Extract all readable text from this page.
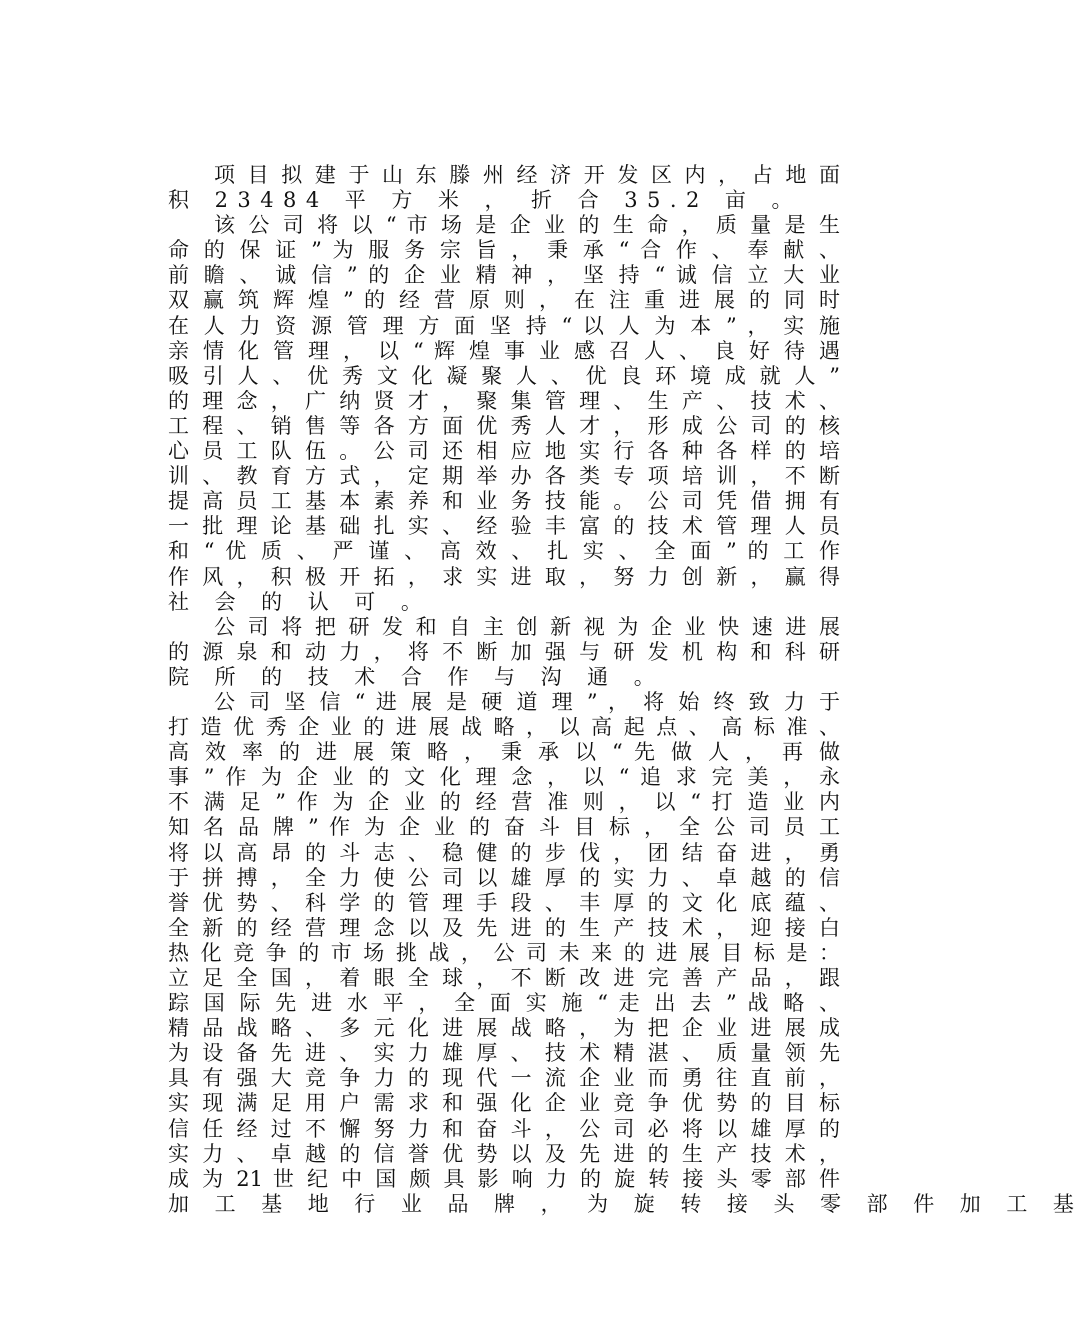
项 目 拟 建 于 山 东 滕 州 经 济 开 发 区 内 ， 占 地 面
积 23484 平 方 米 ， 折 合 35.2 亩 。
该 公 司 将 以 “ 市 场 是 企 业 的 生 命 ， 质 量 是 生
命 的 保 证 ” 为 服 务 宗 旨 ， 秉 承 “ 合 作 、 奉 献 、
前 瞻 、 诚 信 ” 的 企 业 精 神 ， 坚 持 “ 诚 信 立 大 业
双 赢 筑 辉 煌 ” 的 经 营 原 则 ， 在 注 重 进 展 的 同 时
在 人 力 资 源 管 理 方 面 坚 持 “ 以 人 为 本 ” ， 实 施
亲 情 化 管 理 ， 以 “ 辉 煌 事 业 感 召 人 、 良 好 待 遇
吸 引 人 、 优 秀 文 化 凝 聚 人 、 优 良 环 境 成 就 人 ”
的 理 念 ， 广 纳 贤 才 ， 聚 集 管 理 、 生 产 、 技 术 、
工 程 、 销 售 等 各 方 面 优 秀 人 才 ， 形 成 公 司 的 核
心 员 工 队 伍 。 公 司 还 相 应 地 实 行 各 种 各 样 的 培
训 、 教 育 方 式 ， 定 期 举 办 各 类 专 项 培 训 ， 不 断
提 高 员 工 基 本 素 养 和 业 务 技 能 。 公 司 凭 借 拥 有
一 批 理 论 基 础 扎 实 、 经 验 丰 富 的 技 术 管 理 人 员
和 “ 优 质 、 严 谨 、 高 效 、 扎 实 、 全 面 ” 的 工 作
作 风 ， 积 极 开 拓 ， 求 实 进 取 ， 努 力 创 新 ， 赢 得
社 会 的 认 可 。
公 司 将 把 研 发 和 自 主 创 新 视 为 企 业 快 速 进 展
的 源 泉 和 动 力 ， 将 不 断 加 强 与 研 发 机 构 和 科 研
院 所 的 技 术 合 作 与 沟 通 。
公 司 坚 信 “ 进 展 是 硬 道 理 ” ， 将 始 终 致 力 于
打 造 优 秀 企 业 的 进 展 战 略 ， 以 高 起 点 、 高 标 准 、
高 效 率 的 进 展 策 略 ， 秉 承 以 “ 先 做 人 ， 再 做
事 ” 作 为 企 业 的 文 化 理 念 ， 以 “ 追 求 完 美 ， 永
不 满 足 ” 作 为 企 业 的 经 营 准 则 ， 以 “ 打 造 业 内
知 名 品 牌 ” 作 为 企 业 的 奋 斗 目 标 ， 全 公 司 员 工
将 以 高 昂 的 斗 志 、 稳 健 的 步 伐 ， 团 结 奋 进 ， 勇
于 拼 搏 ， 全 力 使 公 司 以 雄 厚 的 实 力 、 卓 越 的 信
誉 优 势 、 科 学 的 管 理 手 段 、 丰 厚 的 文 化 底 蕴 、
全 新 的 经 营 理 念 以 及 先 进 的 生 产 技 术 ， 迎 接 白
热 化 竞 争 的 市 场 挑 战 ， 公 司 未 来 的 进 展 目 标 是 ：
立 足 全 国 ， 着 眼 全 球 ， 不 断 改 进 完 善 产 品 ， 跟
踪 国 际 先 进 水 平 ， 全 面 实 施 “ 走 出 去 ” 战 略 、
精 品 战 略 、 多 元 化 进 展 战 略 ， 为 把 企 业 进 展 成
为 设 备 先 进 、 实 力 雄 厚 、 技 术 精 湛 、 质 量 领 先
具 有 强 大 竞 争 力 的 现 代 一 流 企 业 而 勇 往 直 前 ，
实 现 满 足 用 户 需 求 和 强 化 企 业 竞 争 优 势 的 目 标
信 任 经 过 不 懈 努 力 和 奋 斗 ， 公 司 必 将 以 雄 厚 的
实 力 、 卓 越 的 信 誉 优 势 以 及 先 进 的 生 产 技 术 ，
成 为 21 世 纪 中 国 颇 具 影 响 力 的 旋 转 接 头 零 部 件
加 工 基 地 行 业 品 牌 ， 为 旋 转 接 头 零 部 件 加 工 基
